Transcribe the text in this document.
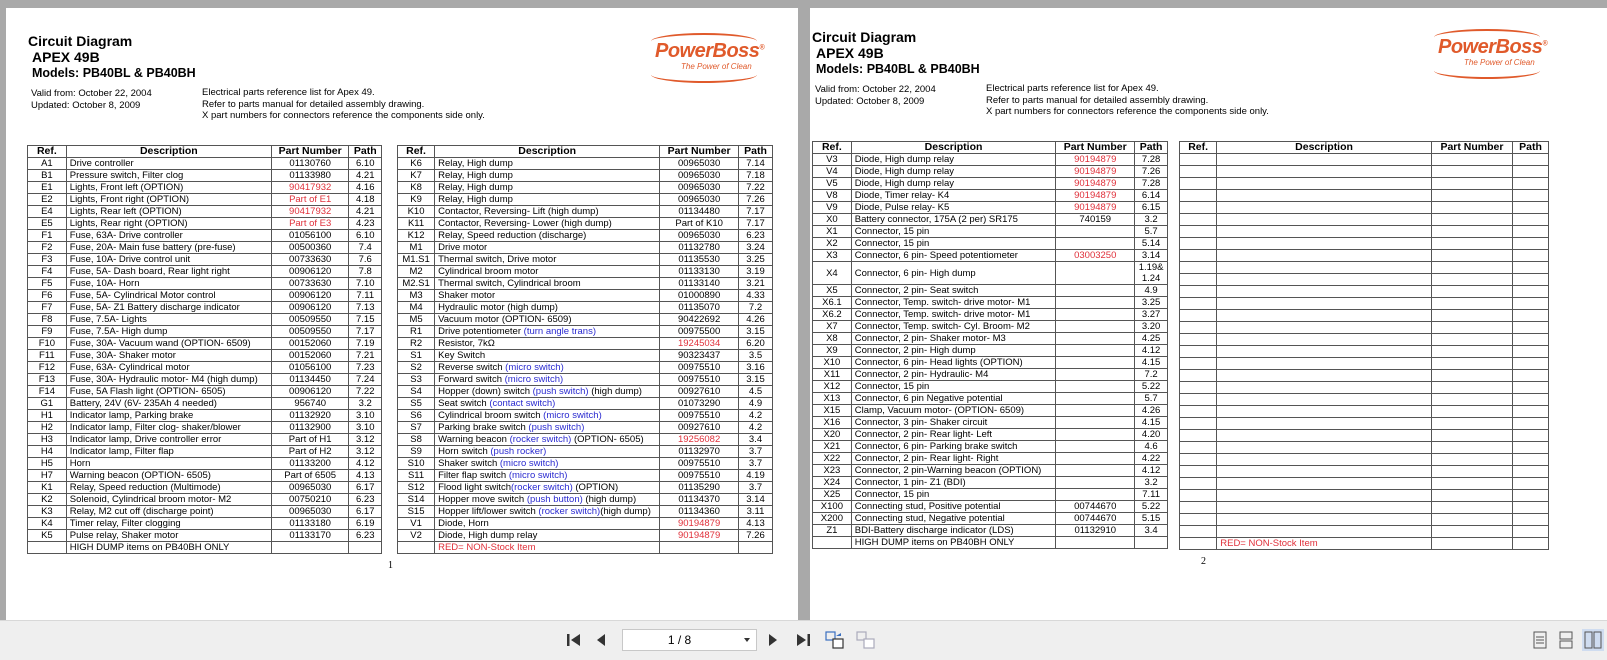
Circuit Diagram
APEX 49B
Models: PB40BL & PB40BH
Valid from: October 22, 2004
Updated: October 8, 2009
Electrical parts reference list for Apex 49.
Refer to parts manual for detailed assembly drawing.
X part numbers for connectors reference the components side only.
PowerBoss®
The Power of Clean
Ref.	Description	Part Number	Path
A1	Drive controller	01130760	6.10
B1	Pressure switch, Filter clog	01133980	4.21
E1	Lights, Front left (OPTION)	90417932	4.16
E2	Lights, Front right (OPTION)	Part of E1	4.18
E4	Lights, Rear left (OPTION)	90417932	4.21
E5	Lights, Rear right (OPTION)	Part of E3	4.23
F1	Fuse, 63A- Drive controller	01056100	6.10
F2	Fuse, 20A- Main fuse battery (pre-fuse)	00500360	7.4
F3	Fuse, 10A- Drive control unit	00733630	7.6
F4	Fuse, 5A- Dash board, Rear light right	00906120	7.8
F5	Fuse, 10A- Horn	00733630	7.10
F6	Fuse, 5A- Cylindrical Motor control	00906120	7.11
F7	Fuse, 5A- Z1 Battery discharge indicator	00906120	7.13
F8	Fuse, 7.5A- Lights	00509550	7.15
F9	Fuse, 7.5A- High dump	00509550	7.17
F10	Fuse, 30A- Vacuum wand (OPTION- 6509)	00152060	7.19
F11	Fuse, 30A- Shaker motor	00152060	7.21
F12	Fuse, 63A- Cylindrical motor	01056100	7.23
F13	Fuse, 30A- Hydraulic motor- M4 (high dump)	01134450	7.24
F14	Fuse, 5A Flash light (OPTION- 6505)	00906120	7.22
G1	Battery, 24V (6V- 235Ah 4 needed)	956740	3.2
H1	Indicator lamp, Parking brake	01132920	3.10
H2	Indicator lamp, Filter clog- shaker/blower	01132900	3.10
H3	Indicator lamp, Drive controller error	Part of H1	3.12
H4	Indicator lamp, Filter flap	Part of H2	3.12
H5	Horn	01133200	4.12
H7	Warning beacon (OPTION- 6505)	Part of 6505	4.13
K1	Relay, Speed reduction (Multimode)	00965030	6.17
K2	Solenoid, Cylindrical broom motor- M2	00750210	6.23
K3	Relay, M2 cut off (discharge point)	00965030	6.17
K4	Timer relay, Filter clogging	01133180	6.19
K5	Pulse relay, Shaker motor	01133170	6.23
	HIGH DUMP items on PB40BH ONLY		
Ref.	Description	Part Number	Path
K6	Relay, High dump	00965030	7.14
K7	Relay, High dump	00965030	7.18
K8	Relay, High dump	00965030	7.22
K9	Relay, High dump	00965030	7.26
K10	Contactor, Reversing- Lift (high dump)	01134480	7.17
K11	Contactor, Reversing- Lower (high dump)	Part of K10	7.17
K12	Relay, Speed reduction (discharge)	00965030	6.23
M1	Drive motor	01132780	3.24
M1.S1	Thermal switch, Drive motor	01135530	3.25
M2	Cylindrical broom motor	01133130	3.19
M2.S1	Thermal switch, Cylindrical broom	01133140	3.21
M3	Shaker motor	01000890	4.33
M4	Hydraulic motor (high dump)	01135070	7.2
M5	Vacuum motor (OPTION- 6509)	90422692	4.26
R1	Drive potentiometer (turn angle trans)	00975500	3.15
R2	Resistor, 7kΩ	19245034	6.20
S1	Key Switch	90323437	3.5
S2	Reverse switch (micro switch)	00975510	3.16
S3	Forward switch (micro switch)	00975510	3.15
S4	Hopper (down) switch (push switch) (high dump)	00927610	4.5
S5	Seat switch (contact switch)	01073290	4.9
S6	Cylindrical broom switch (micro switch)	00975510	4.2
S7	Parking brake switch (push switch)	00927610	4.2
S8	Warning beacon (rocker switch) (OPTION- 6505)	19256082	3.4
S9	Horn switch (push rocker)	01132970	3.7
S10	Shaker switch (micro switch)	00975510	3.7
S11	Filter flap switch (micro switch)	00975510	4.19
S12	Flood light switch(rocker switch) (OPTION)	01135290	3.7
S14	Hopper move switch (push button) (high dump)	01134370	3.14
S15	Hopper lift/lower switch (rocker switch)(high dump)	01134360	3.11
V1	Diode, Horn	90194879	4.13
V2	Diode, High dump relay	90194879	7.26
	RED= NON-Stock Item		
1
Circuit Diagram
APEX 49B
Models: PB40BL & PB40BH
Valid from: October 22, 2004
Updated: October 8, 2009
Electrical parts reference list for Apex 49.
Refer to parts manual for detailed assembly drawing.
X part numbers for connectors reference the components side only.
PowerBoss®
The Power of Clean
Ref.	Description	Part Number	Path
V3	Diode, High dump relay	90194879	7.28
V4	Diode, High dump relay	90194879	7.26
V5	Diode, High dump relay	90194879	7.28
V8	Diode, Timer relay- K4	90194879	6.14
V9	Diode, Pulse relay- K5	90194879	6.15
X0	Battery connector, 175A (2 per) SR175	740159	3.2
X1	Connector, 15 pin		5.7
X2	Connector, 15 pin		5.14
X3	Connector, 6 pin- Speed potentiometer	03003250	3.14
X4	Connector, 6 pin- High dump		1.19&
1.24

X5	Connector, 2 pin- Seat switch		4.9
X6.1	Connector, Temp. switch- drive motor- M1		3.25
X6.2	Connector, Temp. switch- drive motor- M1		3.27
X7	Connector, Temp. switch- Cyl. Broom- M2		3.20
X8	Connector, 2 pin- Shaker motor- M3		4.25
X9	Connector, 2 pin- High dump		4.12
X10	Connector, 6 pin- Head lights (OPTION)		4.15
X11	Connector, 2 pin- Hydraulic- M4		7.2
X12	Connector, 15 pin		5.22
X13	Connector, 6 pin Negative potential		5.7
X15	Clamp, Vacuum motor- (OPTION- 6509)		4.26
X16	Connector, 3 pin- Shaker circuit		4.15
X20	Connector, 2 pin- Rear light- Left		4.20
X21	Connector, 6 pin- Parking brake switch		4.6
X22	Connector, 2 pin- Rear light- Right		4.22
X23	Connector, 2 pin-Warning beacon (OPTION)		4.12
X24	Connector, 1 pin- Z1 (BDI)		3.2
X25	Connector, 15 pin		7.11
X100	Connecting stud, Positive potential	00744670	5.22
X200	Connecting stud, Negative potential	00744670	5.15
Z1	BDI-Battery discharge indicator (LDS)	01132910	3.4
	HIGH DUMP items on PB40BH ONLY		
Ref.	Description	Part Number	Path

	RED= NON-Stock Item		
2
1 / 8
